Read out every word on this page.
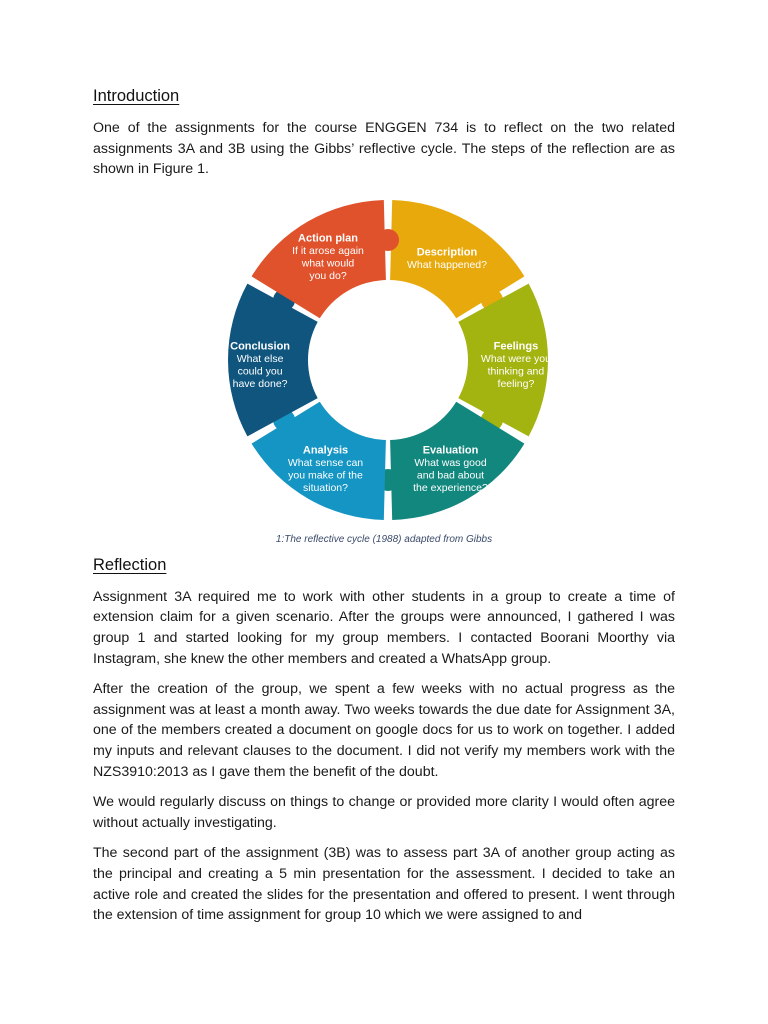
Introduction

One of the assignments for the course ENGGEN 734 is to reflect on the two related assignments 3A and 3B using the Gibbs’ reflective cycle. The steps of the reflection are as shown in Figure 1.

Description
What happened?
Feelings
What were you
thinking and
feeling?
Evaluation
What was good
and bad about
the experience?
Analysis
What sense can
you make of the
situation?
Conclusion
What else
could you
have done?
Action plan
If it arose again
what would
you do?
1:The reflective cycle (1988) adapted from Gibbs
Reflection

Assignment 3A required me to work with other students in a group to create a time of extension claim for a given scenario. After the groups were announced, I gathered I was group 1 and started looking for my group members. I contacted Boorani Moorthy via Instagram, she knew the other members and created a WhatsApp group.

After the creation of the group, we spent a few weeks with no actual progress as the assignment was at least a month away. Two weeks towards the due date for Assignment 3A, one of the members created a document on google docs for us to work on together. I added my inputs and relevant clauses to the document. I did not verify my members work with the NZS3910:2013 as I gave them the benefit of the doubt.

We would regularly discuss on things to change or provided more clarity I would often agree without actually investigating.

The second part of the assignment (3B) was to assess part 3A of another group acting as the principal and creating a 5 min presentation for the assessment. I decided to take an active role and created the slides for the presentation and offered to present. I went through the extension of time assignment for group 10 which we were assigned to and
